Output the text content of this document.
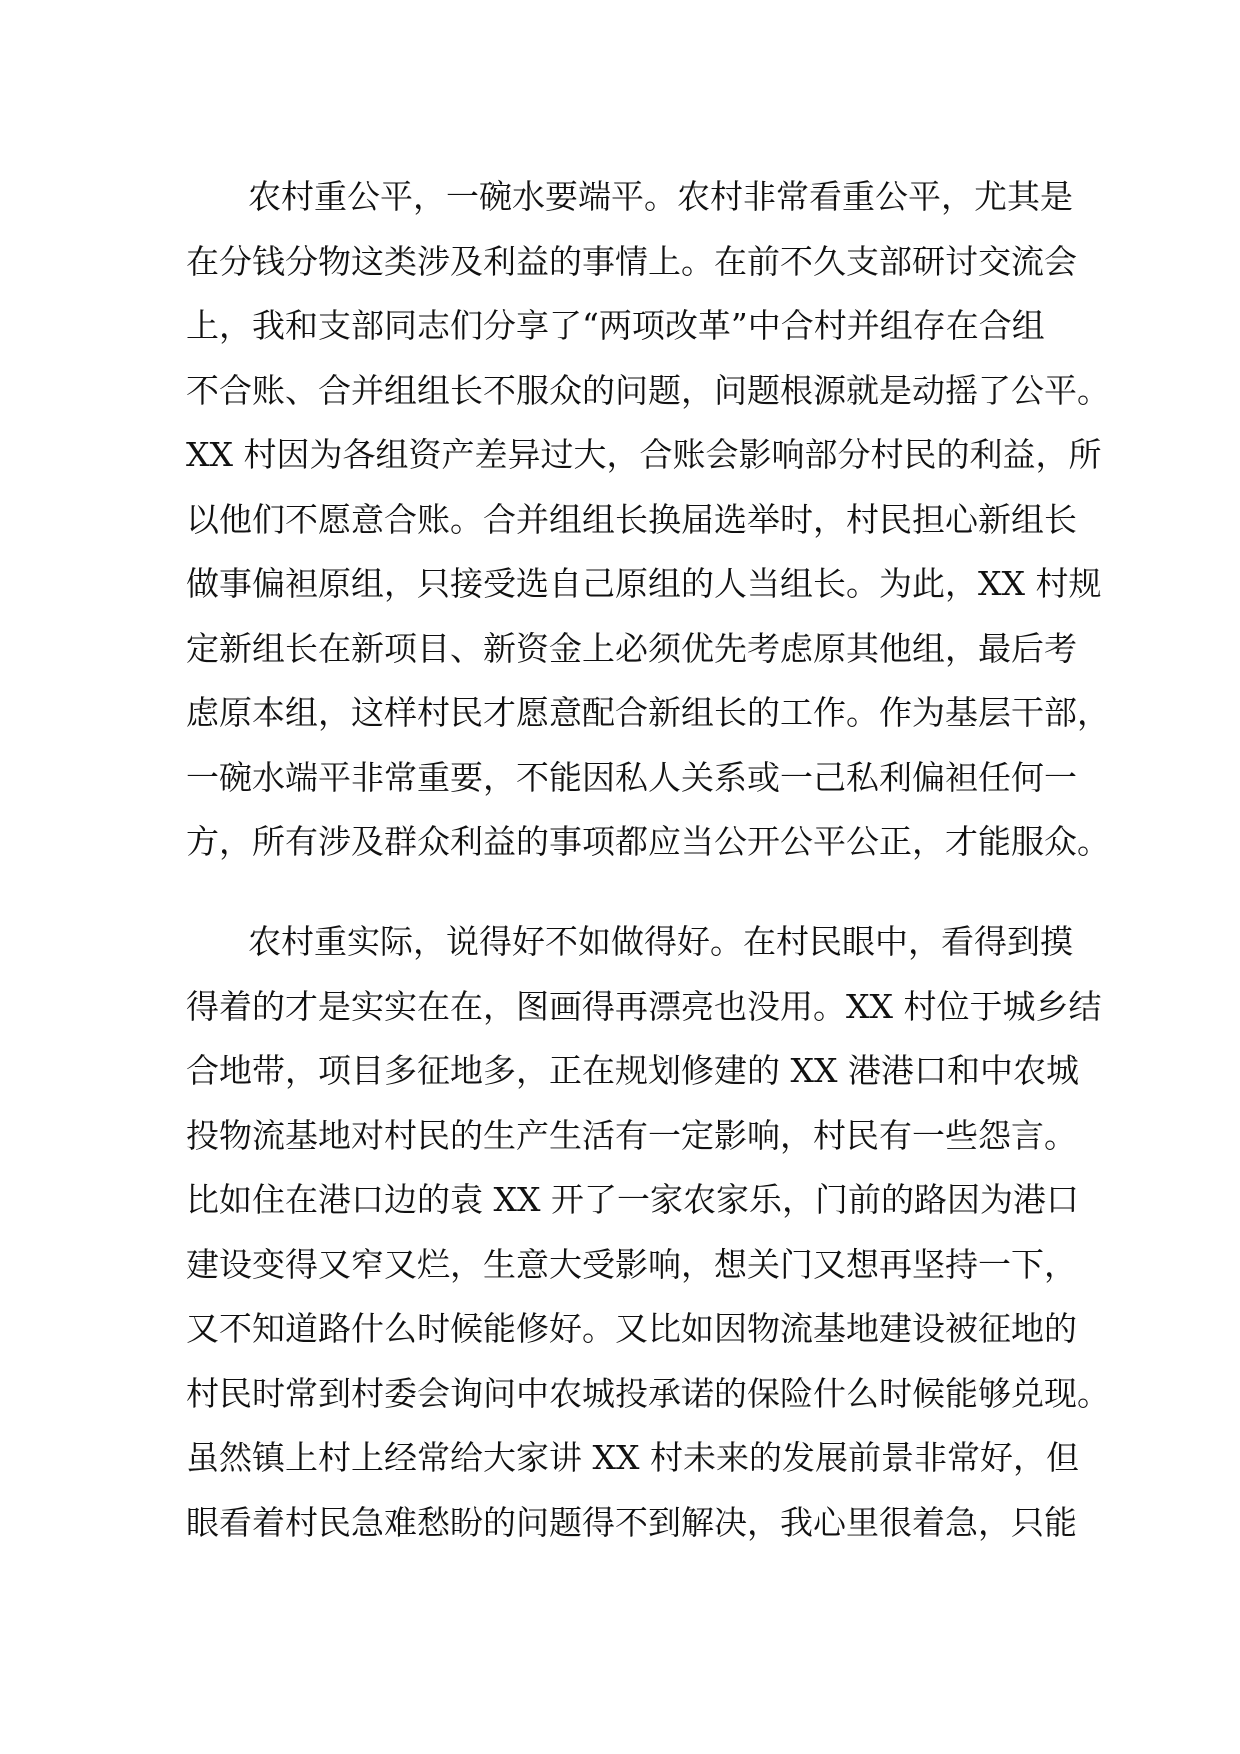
农村重公平，一碗水要端平。农村非常看重公平，尤其是
在分钱分物这类涉及利益的事情上。在前不久支部研讨交流会
上，我和支部同志们分享了“两项改革”中合村并组存在合组
不合账、合并组组长不服众的问题，问题根源就是动摇了公平。
XX 村因为各组资产差异过大，合账会影响部分村民的利益，所
以他们不愿意合账。合并组组长换届选举时，村民担心新组长
做事偏袒原组，只接受选自己原组的人当组长。为此，XX 村规
定新组长在新项目、新资金上必须优先考虑原其他组，最后考
虑原本组，这样村民才愿意配合新组长的工作。作为基层干部，
一碗水端平非常重要，不能因私人关系或一己私利偏袒任何一
方，所有涉及群众利益的事项都应当公开公平公正，才能服众。
农村重实际，说得好不如做得好。在村民眼中，看得到摸
得着的才是实实在在，图画得再漂亮也没用。XX 村位于城乡结
合地带，项目多征地多，正在规划修建的 XX 港港口和中农城
投物流基地对村民的生产生活有一定影响，村民有一些怨言。
比如住在港口边的袁 XX 开了一家农家乐，门前的路因为港口
建设变得又窄又烂，生意大受影响，想关门又想再坚持一下，
又不知道路什么时候能修好。又比如因物流基地建设被征地的
村民时常到村委会询问中农城投承诺的保险什么时候能够兑现。
虽然镇上村上经常给大家讲 XX 村未来的发展前景非常好，但
眼看着村民急难愁盼的问题得不到解决，我心里很着急，只能
